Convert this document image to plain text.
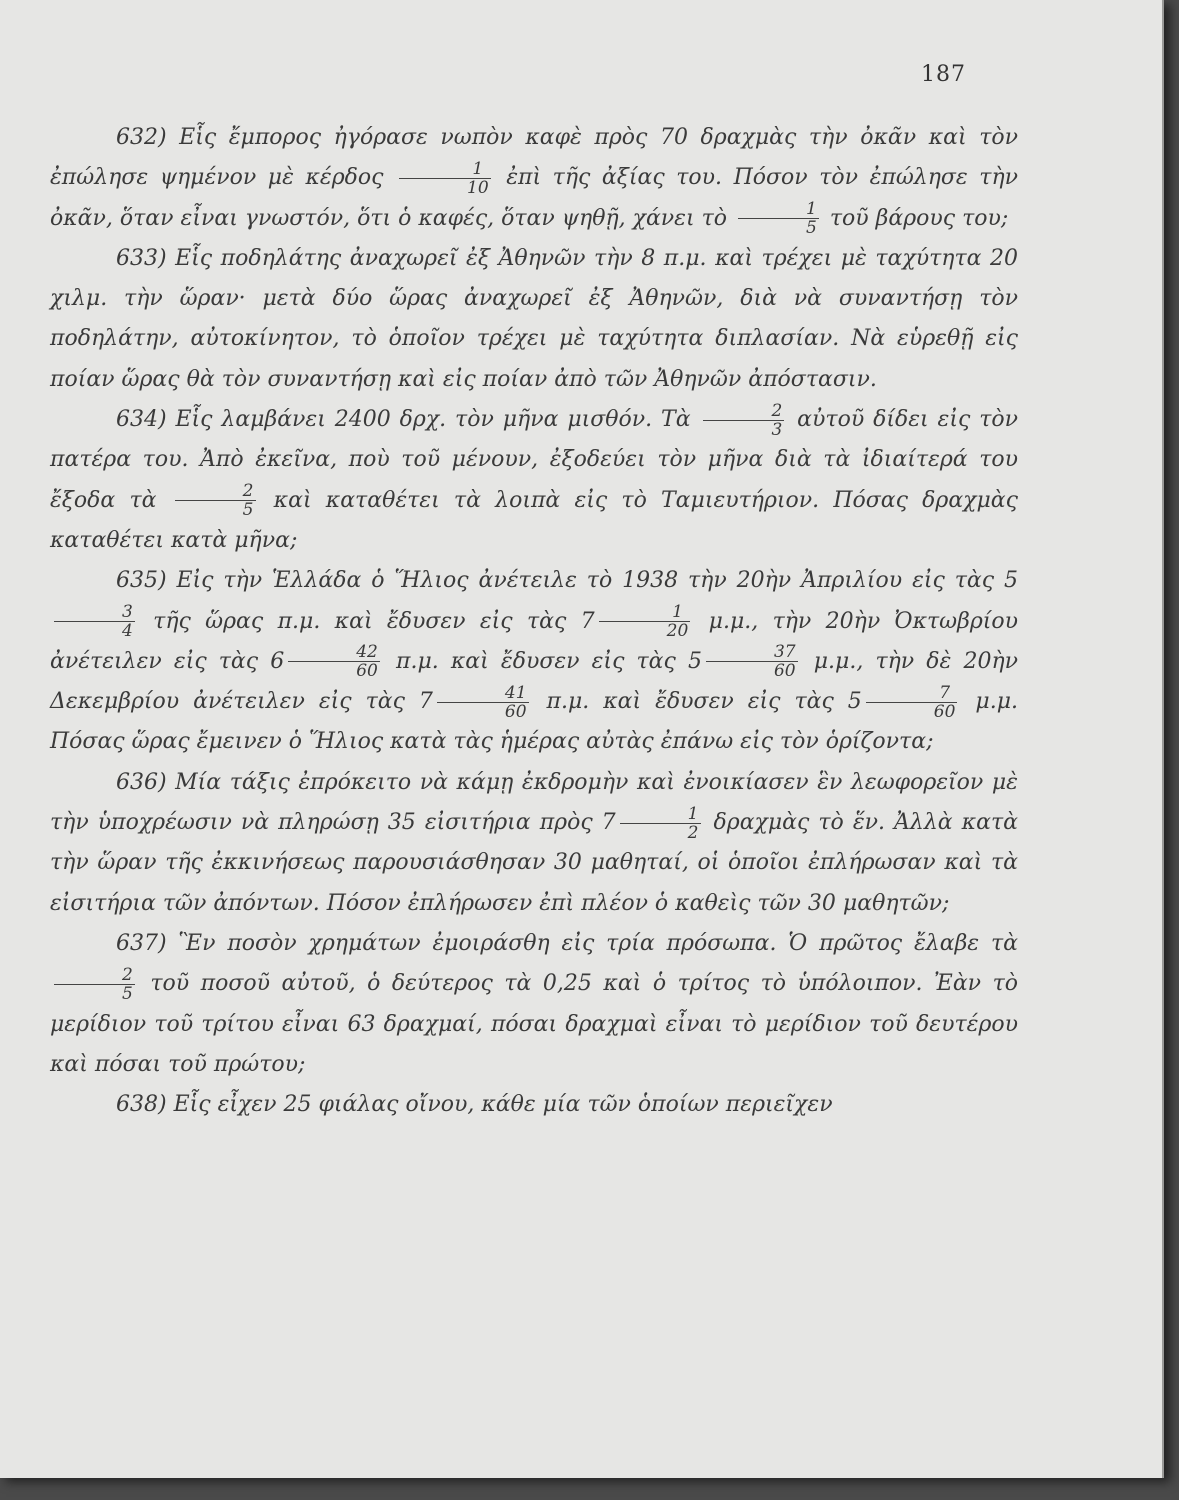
187

632) Εἷς ἔμπορος ἠγόρασε νωπὸν καφὲ πρὸς 70 δραχμὰς τὴν ὀκᾶν καὶ τὸν ἐπώλησε ψημένον μὲ κέρδος $\frac{1}{10}$ ἐπὶ τῆς ἀξίας του. Πόσον τὸν ἐπώλησε τὴν ὀκᾶν, ὅταν εἶναι γνωστόν, ὅτι ὁ καφές, ὅταν ψηθῇ, χάνει τὸ $\frac{1}{5}$ τοῦ βάρους του;

633) Εἷς ποδηλάτης ἀναχωρεῖ ἐξ Ἀθηνῶν τὴν 8 π.μ. καὶ τρέχει μὲ ταχύτητα 20 χιλμ. τὴν ὥραν· μετὰ δύο ὥρας ἀναχωρεῖ ἐξ Ἀθηνῶν, διὰ νὰ συναντήσῃ τὸν ποδηλάτην, αὐτοκίνητον, τὸ ὁποῖον τρέχει μὲ ταχύτητα διπλασίαν. Νὰ εὑρεθῇ εἰς ποίαν ὥρας θὰ τὸν συναντήσῃ καὶ εἰς ποίαν ἀπὸ τῶν Ἀθηνῶν ἀπόστασιν.

634) Εἷς λαμβάνει 2400 δρχ. τὸν μῆνα μισθόν. Τὰ $\frac{2}{3}$ αὐτοῦ δίδει εἰς τὸν πατέρα του. Ἀπὸ ἐκεῖνα, ποὺ τοῦ μένουν, ἐξοδεύει τὸν μῆνα διὰ τὰ ἰδιαίτερά του ἔξοδα τὰ $\frac{2}{5}$ καὶ καταθέτει τὰ λοιπὰ εἰς τὸ Ταμιευτήριον. Πόσας δραχμὰς καταθέτει κατὰ μῆνα;

635) Εἰς τὴν Ἑλλάδα ὁ Ἥλιος ἀνέτειλε τὸ 1938 τὴν 20ὴν Ἀπριλίου εἰς τὰς 5
$\frac{3}{4}$ τῆς ὥρας π.μ. καὶ ἔδυσεν εἰς τὰς $7 \frac{1}{20} \mu.\mu$., τὴν 20ὴν Ὀκτωβρίου ἀνέτειλεν εἰς τὰς $6 \frac{42}{60} \pi.\mu$. καὶ ἔδυσεν εἰς τὰς $5 \frac{37}{60} \mu.\mu$., τὴν δὲ 20ὴν Δεκεμβρίου ἀνέτειλεν εἰς τὰς $7 \frac{41}{60} \pi.\mu$. καὶ ἔδυσεν εἰς τὰς $5 \frac{7}{60} \mu.\mu$. Πόσας ὥρας ἔμεινεν ὁ Ἥλιος κατὰ τὰς ἡμέρας αὐτὰς ἐπάνω εἰς τὸν ὁρίζοντα;

636) Μία τάξις ἐπρόκειτο νὰ κάμῃ ἐκδρομὴν καὶ ἐνοικίασεν ἓν λεωφορεῖον μὲ τὴν ὑποχρέωσιν νὰ πληρώσῃ 35 εἰσιτήρια πρὸς $7 \frac{1}{2}$ δραχμὰς τὸ ἕν. Ἀλλὰ κατὰ τὴν ὥραν τῆς ἐκκινήσεως παρουσιάσθησαν 30 μαθηταί, οἱ ὁποῖοι ἐπλήρωσαν καὶ τὰ εἰσιτήρια τῶν ἀπόντων. Πόσον ἐπλήρωσεν ἐπὶ πλέον ὁ καθεὶς τῶν 30 μαθητῶν;

637) Ἓν ποσὸν χρημάτων ἐμοιράσθη εἰς τρία πρόσωπα. Ὁ πρῶτος ἔλαβε τὰ
$\frac{2}{5}$ τοῦ ποσοῦ αὐτοῦ, ὁ δεύτερος τὰ 0,25 καὶ ὁ τρίτος τὸ ὑπόλοιπον. Ἐὰν τὸ μερίδιον τοῦ τρίτου εἶναι 63 δραχμαί, πόσαι δραχμαὶ εἶναι τὸ μερίδιον τοῦ δευτέρου καὶ πόσαι τοῦ πρώτου;

638) Εἷς εἶχεν 25 φιάλας οἴνου, κάθε μία τῶν ὁποίων περιεῖχεν
